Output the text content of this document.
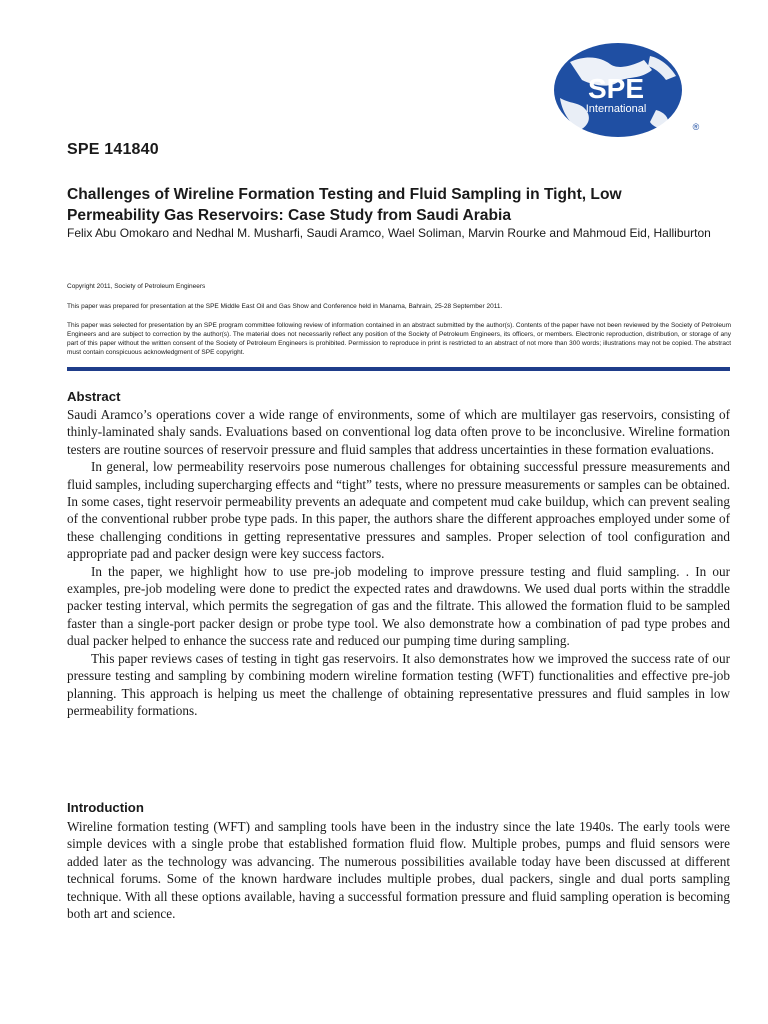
SPE
International
®
SPE 141840
Challenges of Wireline Formation Testing and Fluid Sampling in Tight, Low Permeability Gas Reservoirs: Case Study from Saudi Arabia
Felix Abu Omokaro and Nedhal M. Musharfi, Saudi Aramco, Wael Soliman, Marvin Rourke and Mahmoud Eid, Halliburton
Copyright 2011, Society of Petroleum Engineers
This paper was prepared for presentation at the SPE Middle East Oil and Gas Show and Conference held in Manama, Bahrain, 25-28 September 2011.
This paper was selected for presentation by an SPE program committee following review of information contained in an abstract submitted by the author(s). Contents of the paper have not been reviewed by the Society of Petroleum Engineers and are subject to correction by the author(s). The material does not necessarily reflect any position of the Society of Petroleum Engineers, its officers, or members. Electronic reproduction, distribution, or storage of any part of this paper without the written consent of the Society of Petroleum Engineers is prohibited. Permission to reproduce in print is restricted to an abstract of not more than 300 words; illustrations may not be copied. The abstract must contain conspicuous acknowledgment of SPE copyright.
Abstract

Saudi Aramco’s operations cover a wide range of environments, some of which are multilayer gas reservoirs, consisting of thinly-laminated shaly sands. Evaluations based on conventional log data often prove to be inconclusive. Wireline formation testers are routine sources of reservoir pressure and fluid samples that address uncertainties in these formation evaluations.

In general, low permeability reservoirs pose numerous challenges for obtaining successful pressure measurements and fluid samples, including supercharging effects and “tight” tests, where no pressure measurements or samples can be obtained. In some cases, tight reservoir permeability prevents an adequate and competent mud cake buildup, which can prevent sealing of the conventional rubber probe type pads. In this paper, the authors share the different approaches employed under some of these challenging conditions in getting representative pressures and samples. Proper selection of tool configuration and appropriate pad and packer design were key success factors.

In the paper, we highlight how to use pre-job modeling to improve pressure testing and fluid sampling. . In our examples, pre-job modeling were done to predict the expected rates and drawdowns. We used dual ports within the straddle packer testing interval, which permits the segregation of gas and the filtrate. This allowed the formation fluid to be sampled faster than a single-port packer design or probe type tool. We also demonstrate how a combination of pad type probes and dual packer helped to enhance the success rate and reduced our pumping time during sampling.

This paper reviews cases of testing in tight gas reservoirs. It also demonstrates how we improved the success rate of our pressure testing and sampling by combining modern wireline formation testing (WFT) functionalities and effective pre-job planning. This approach is helping us meet the challenge of obtaining representative pressures and fluid samples in low permeability formations.

Introduction

Wireline formation testing (WFT) and sampling tools have been in the industry since the late 1940s. The early tools were simple devices with a single probe that established formation fluid flow. Multiple probes, pumps and fluid sensors were added later as the technology was advancing. The numerous possibilities available today have been discussed at different technical forums. Some of the known hardware includes multiple probes, dual packers, single and dual ports sampling technique. With all these options available, having a successful formation pressure and fluid sampling operation is becoming both art and science.
